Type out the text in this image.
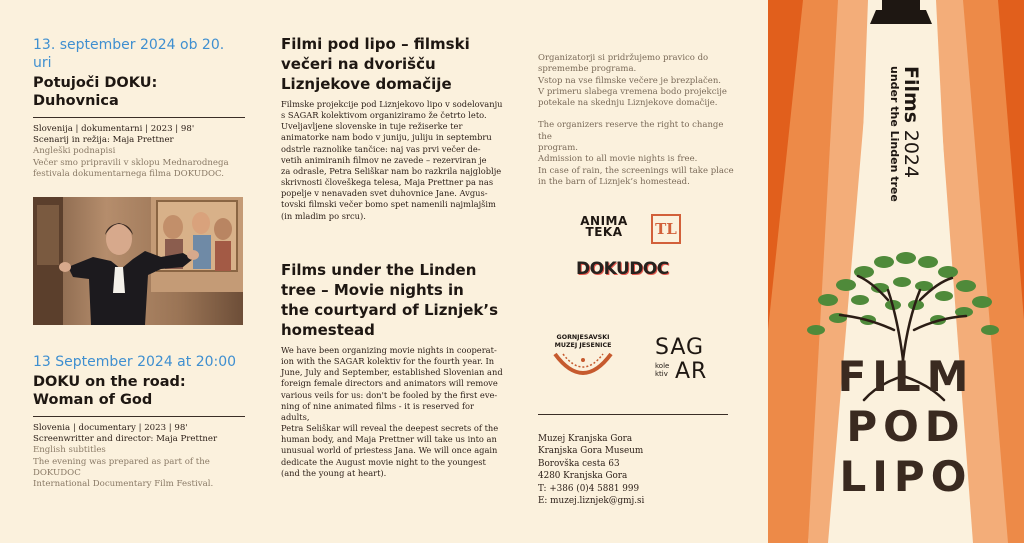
13. september 2024 ob 20. uri
Potujoči DOKU:
Duhovnica
Slovenija | dokumentarni | 2023 | 98'
Scenarij in režija: Maja Prettner
Angleški podnapisi
Večer smo pripravili v sklopu Mednarodnega
festivala dokumentarnega filma DOKUDOC.
13 September 2024 at 20:00
DOKU on the road:
Woman of God
Slovenia | documentary | 2023 | 98'
Screenwritter and director: Maja Prettner
English subtitles
The evening was prepared as part of the DOKUDOC
International Documentary Film Festival.
Filmi pod lipo – filmski
večeri na dvorišču
Liznjekove domačije
Filmske projekcije pod Liznjekovo lipo v sodelovanju
s SAGAR kolektivom organiziramo že četrto leto.
Uveljavljene slovenske in tuje režiserke ter
animatorke nam bodo v juniju, juliju in septembru
odstrle raznolike tančice: naj vas prvi večer de-
vetih animiranih filmov ne zavede – rezerviran je
za odrasle, Petra Seliškar nam bo razkrila najgloblje
skrivnosti človeškega telesa, Maja Prettner pa nas
popelje v nenavaden svet duhovnice Jane. Avgus-
tovski filmski večer bomo spet namenili najmlajšim
(in mladim po srcu).
Films under the Linden
tree – Movie nights in
the courtyard of Liznjek’s
homestead
We have been organizing movie nights in cooperat-
ion with the SAGAR kolektiv for the fourth year. In
June, July and September, established Slovenian and
foreign female directors and animators will remove
various veils for us: don't be fooled by the first eve-
ning of nine animated films - it is reserved for adults,
Petra Seliškar will reveal the deepest secrets of the
human body, and Maja Prettner will take us into an
unusual world of priestess Jana. We will once again
dedicate the August movie night to the youngest
(and the young at heart).
Organizatorji si pridržujemo pravico do
spremembe programa.
Vstop na vse filmske večere je brezplačen.
V primeru slabega vremena bodo projekcije
potekale na skednju Liznjekove domačije.
The organizers reserve the right to change the
program.
Admission to all movie nights is free.
In case of rain, the screenings will take place
in the barn of Liznjek’s homestead.
ANIMA
TEKA	TL
DOKUDOC
GORNJESAVSKI
MUZEJ JESENICE	SAG
kole
ktiv AR
Muzej Kranjska Gora
Kranjska Gora Museum
Borovška cesta 63
4280 Kranjska Gora
T: +386 (0)4 5881 999
E: muzej.liznjek@gmj.si
FILM
POD
LIPO
Films 2024
under the Linden tree
